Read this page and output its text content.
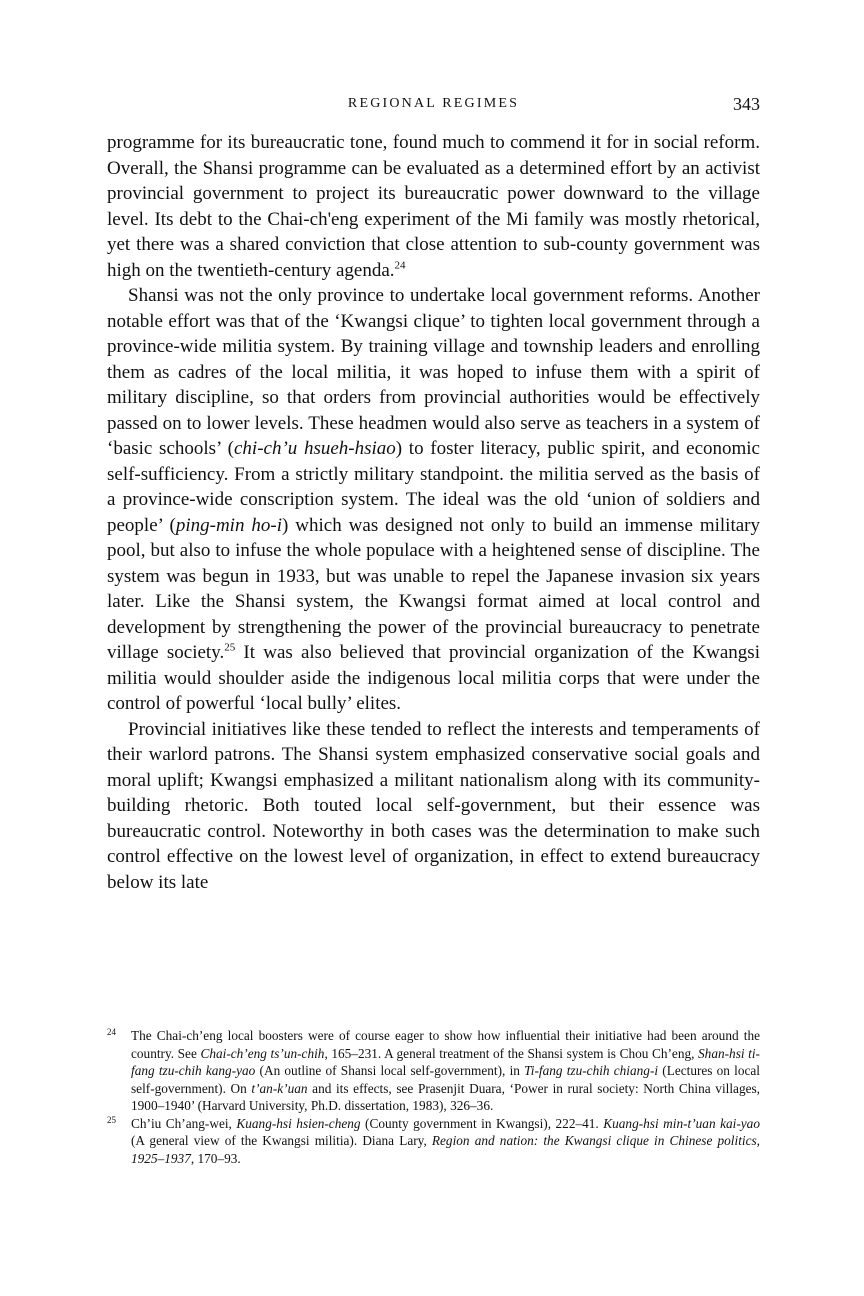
REGIONAL REGIMES	343

programme for its bureaucratic tone, found much to commend it for in social reform. Overall, the Shansi programme can be evaluated as a determined effort by an activist provincial government to project its bureaucratic power downward to the village level. Its debt to the Chai-ch'eng experiment of the Mi family was mostly rhetorical, yet there was a shared conviction that close attention to sub-county government was high on the twentieth-century agenda.$^{24}$

Shansi was not the only province to undertake local government reforms. Another notable effort was that of the ‘Kwangsi clique’ to tighten local government through a province-wide militia system. By training village and township leaders and enrolling them as cadres of the local militia, it was hoped to infuse them with a spirit of military discipline, so that orders from provincial authorities would be effectively passed on to lower levels. These headmen would also serve as teachers in a system of ‘basic schools’ (chi-ch’u hsueh-hsiao) to foster literacy, public spirit, and economic self-sufficiency. From a strictly military standpoint. the militia served as the basis of a province-wide conscription system. The ideal was the old ‘union of soldiers and people’ (ping-min ho-i) which was designed not only to build an immense military pool, but also to infuse the whole populace with a heightened sense of discipline. The system was begun in 1933, but was unable to repel the Japanese invasion six years later. Like the Shansi system, the Kwangsi format aimed at local control and development by strengthening the power of the provincial bureaucracy to penetrate village society.$^{25}$ It was also believed that provincial organization of the Kwangsi militia would shoulder aside the indigenous local militia corps that were under the control of powerful ‘local bully’ elites.

Provincial initiatives like these tended to reflect the interests and temperaments of their warlord patrons. The Shansi system emphasized conservative social goals and moral uplift; Kwangsi emphasized a militant nationalism along with its community-building rhetoric. Both touted local self-government, but their essence was bureaucratic control. Noteworthy in both cases was the determination to make such control effective on the lowest level of organization, in effect to extend bureaucracy below its late

24 The Chai-ch’eng local boosters were of course eager to show how influential their initiative had been around the country. See Chai-ch’eng ts’un-chih, 165–231. A general treatment of the Shansi system is Chou Ch’eng, Shan-hsi ti-fang tzu-chih kang-yao (An outline of Shansi local self-government), in Ti-fang tzu-chih chiang-i (Lectures on local self-government). On t’an-k’uan and its effects, see Prasenjit Duara, ‘Power in rural society: North China villages, 1900–1940’ (Harvard University, Ph.D. dissertation, 1983), 326–36.

25 Ch’iu Ch’ang-wei, Kuang-hsi hsien-cheng (County government in Kwangsi), 222–41. Kuang-hsi min-t’uan kai-yao (A general view of the Kwangsi militia). Diana Lary, Region and nation: the Kwangsi clique in Chinese politics, 1925–1937, 170–93.
